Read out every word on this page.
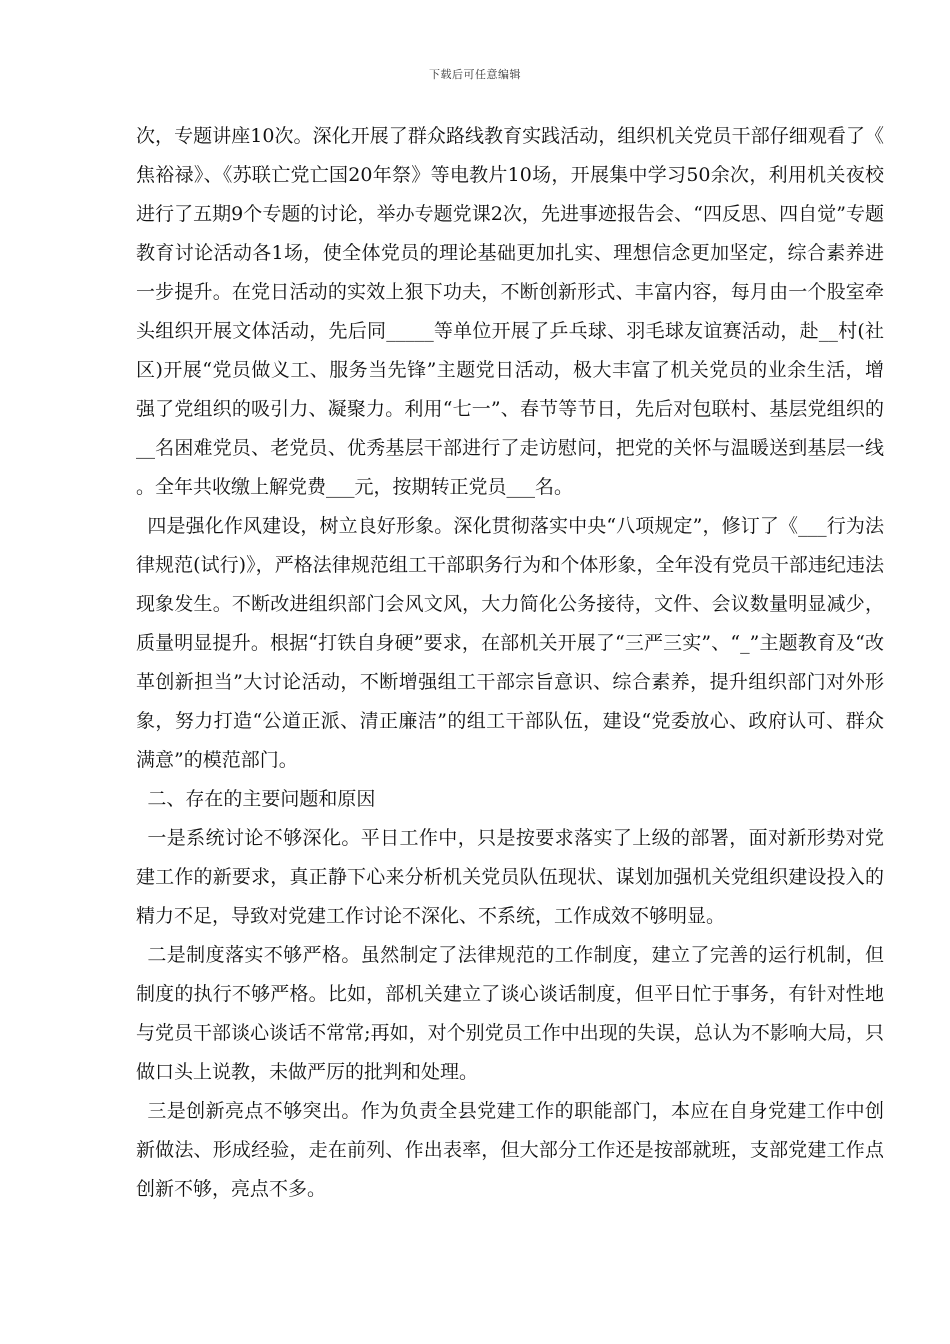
下载后可任意编辑

次，专题讲座10次。深化开展了群众路线教育实践活动，组织机关党员干部仔细观看了《焦裕禄》、《苏联亡党亡国20年祭》等电教片10场，开展集中学习50余次，利用机关夜校进行了五期9个专题的讨论，举办专题党课2次，先进事迹报告会、“四反思、四自觉”专题教育讨论活动各1场，使全体党员的理论基础更加扎实、理想信念更加坚定，综合素养进一步提升。在党日活动的实效上狠下功夫，不断创新形式、丰富内容，每月由一个股室牵头组织开展文体活动，先后同_____等单位开展了乒乓球、羽毛球友谊赛活动，赴__村(社区)开展“党员做义工、服务当先锋”主题党日活动，极大丰富了机关党员的业余生活，增强了党组织的吸引力、凝聚力。利用“七一”、春节等节日，先后对包联村、基层党组织的__名困难党员、老党员、优秀基层干部进行了走访慰问，把党的关怀与温暖送到基层一线。全年共收缴上解党费___元，按期转正党员___名。

四是强化作风建设，树立良好形象。深化贯彻落实中央“八项规定”，修订了《___行为法律规范(试行)》，严格法律规范组工干部职务行为和个体形象，全年没有党员干部违纪违法现象发生。不断改进组织部门会风文风，大力简化公务接待，文件、会议数量明显减少，质量明显提升。根据“打铁自身硬”要求，在部机关开展了“三严三实”、“_”主题教育及“改革创新担当”大讨论活动，不断增强组工干部宗旨意识、综合素养，提升组织部门对外形象，努力打造“公道正派、清正廉洁”的组工干部队伍，建设“党委放心、政府认可、群众满意”的模范部门。

二、存在的主要问题和原因

一是系统讨论不够深化。平日工作中，只是按要求落实了上级的部署，面对新形势对党建工作的新要求，真正静下心来分析机关党员队伍现状、谋划加强机关党组织建设投入的精力不足，导致对党建工作讨论不深化、不系统，工作成效不够明显。

二是制度落实不够严格。虽然制定了法律规范的工作制度，建立了完善的运行机制，但制度的执行不够严格。比如，部机关建立了谈心谈话制度，但平日忙于事务，有针对性地与党员干部谈心谈话不常常;再如，对个别党员工作中出现的失误，总认为不影响大局，只做口头上说教，未做严厉的批判和处理。

三是创新亮点不够突出。作为负责全县党建工作的职能部门，本应在自身党建工作中创新做法、形成经验，走在前列、作出表率，但大部分工作还是按部就班，支部党建工作点创新不够，亮点不多。
